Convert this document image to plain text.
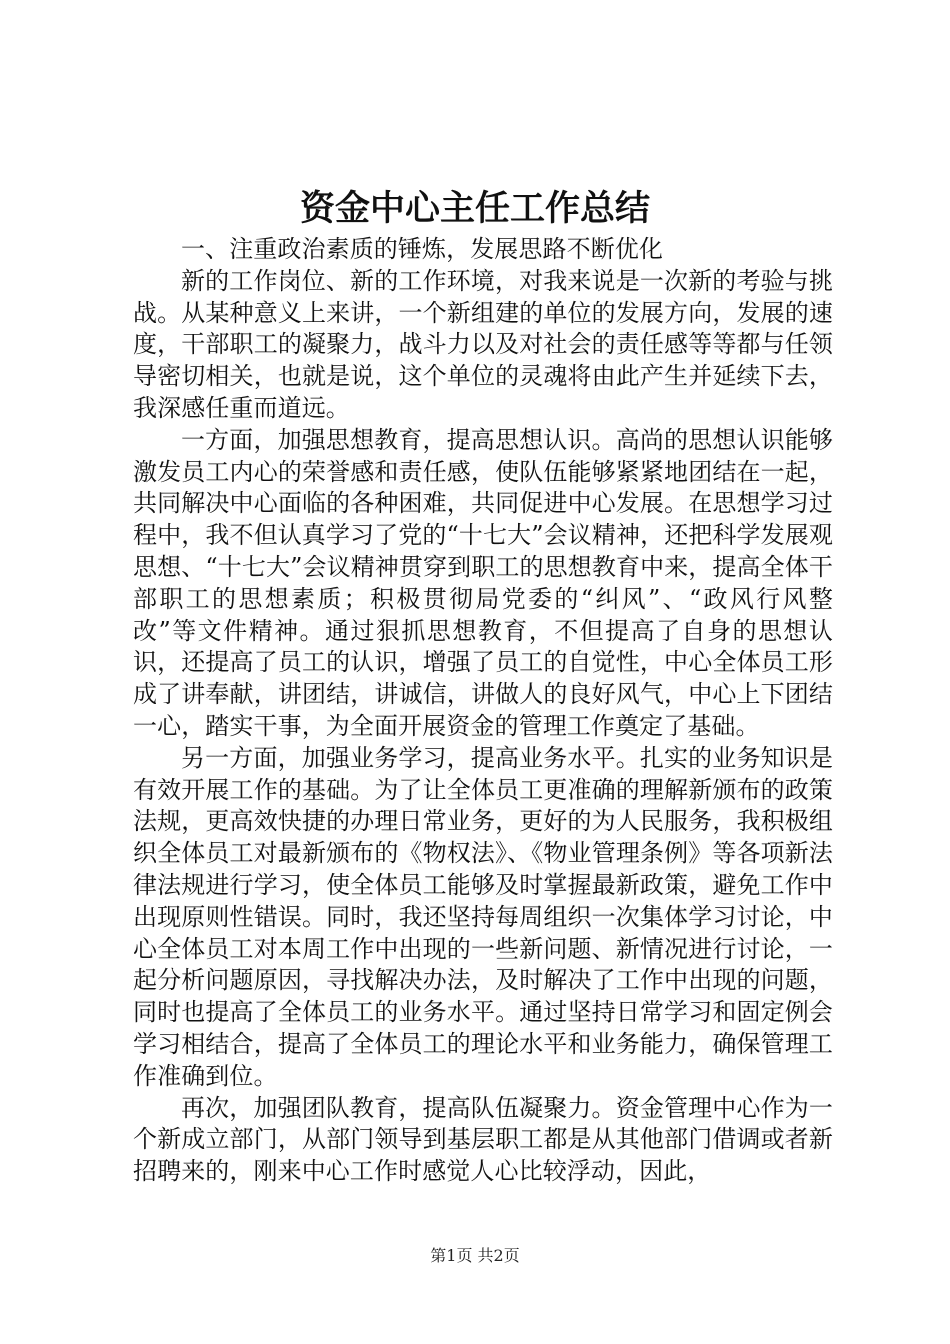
资金中心主任工作总结

一、注重政治素质的锤炼，发展思路不断优化

新的工作岗位、新的工作环境，对我来说是一次新的考验与挑战。从某种意义上来讲，一个新组建的单位的发展方向，发展的速度，干部职工的凝聚力，战斗力以及对社会的责任感等等都与任领导密切相关，也就是说，这个单位的灵魂将由此产生并延续下去，我深感任重而道远。

一方面，加强思想教育，提高思想认识。高尚的思想认识能够激发员工内心的荣誉感和责任感，使队伍能够紧紧地团结在一起，共同解决中心面临的各种困难，共同促进中心发展。在思想学习过程中，我不但认真学习了党的“十七大”会议精神，还把科学发展观思想、“十七大”会议精神贯穿到职工的思想教育中来，提高全体干部职工的思想素质；积极贯彻局党委的“纠风”、“政风行风整改”等文件精神。通过狠抓思想教育，不但提高了自身的思想认识，还提高了员工的认识，增强了员工的自觉性，中心全体员工形成了讲奉献，讲团结，讲诚信，讲做人的良好风气，中心上下团结一心，踏实干事，为全面开展资金的管理工作奠定了基础。

另一方面，加强业务学习，提高业务水平。扎实的业务知识是有效开展工作的基础。为了让全体员工更准确的理解新颁布的政策法规，更高效快捷的办理日常业务，更好的为人民服务，我积极组织全体员工对最新颁布的《物权法》、《物业管理条例》等各项新法律法规进行学习，使全体员工能够及时掌握最新政策，避免工作中出现原则性错误。同时，我还坚持每周组织一次集体学习讨论，中心全体员工对本周工作中出现的一些新问题、新情况进行讨论，一起分析问题原因，寻找解决办法，及时解决了工作中出现的问题，同时也提高了全体员工的业务水平。通过坚持日常学习和固定例会学习相结合，提高了全体员工的理论水平和业务能力，确保管理工作准确到位。

再次，加强团队教育，提高队伍凝聚力。资金管理中心作为一个新成立部门，从部门领导到基层职工都是从其他部门借调或者新招聘来的，刚来中心工作时感觉人心比较浮动，因此，

第1页 共2页
